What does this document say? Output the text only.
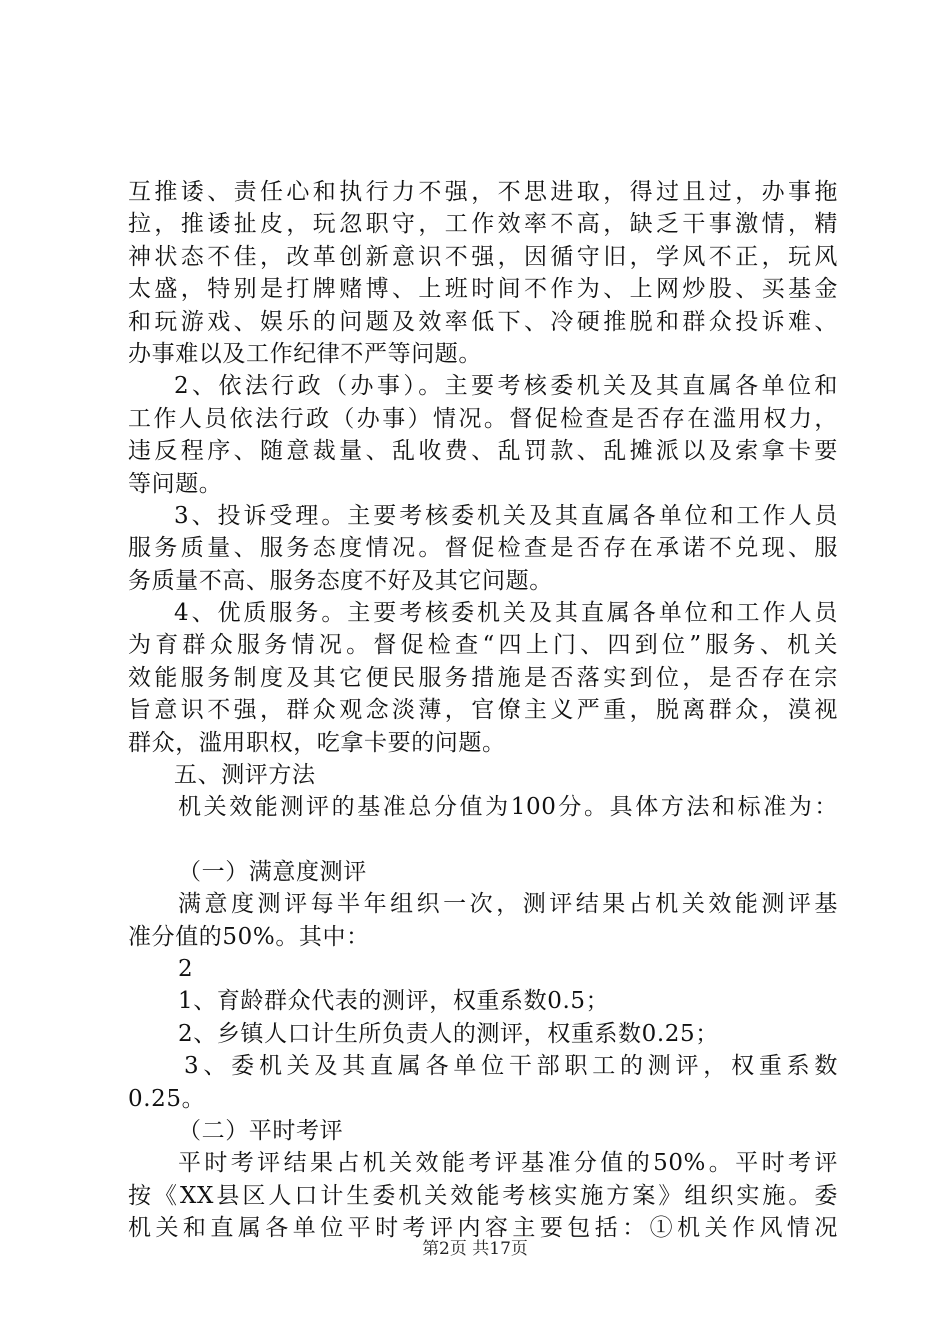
互推诿、责任心和执行力不强，不思进取，得过且过，办事拖
拉，推诿扯皮，玩忽职守，工作效率不高，缺乏干事激情，精
神状态不佳，改革创新意识不强，因循守旧，学风不正，玩风
太盛，特别是打牌赌博、上班时间不作为、上网炒股、买基金
和玩游戏、娱乐的问题及效率低下、冷硬推脱和群众投诉难、
办事难以及工作纪律不严等问题。
2、依法行政（办事）。主要考核委机关及其直属各单位和
工作人员依法行政（办事）情况。督促检查是否存在滥用权力，
违反程序、随意裁量、乱收费、乱罚款、乱摊派以及索拿卡要
等问题。
3、投诉受理。主要考核委机关及其直属各单位和工作人员
服务质量、服务态度情况。督促检查是否存在承诺不兑现、服
务质量不高、服务态度不好及其它问题。
4、优质服务。主要考核委机关及其直属各单位和工作人员
为育群众服务情况。督促检查“四上门、四到位”服务、机关
效能服务制度及其它便民服务措施是否落实到位，是否存在宗
旨意识不强，群众观念淡薄，官僚主义严重，脱离群众，漠视
群众，滥用职权，吃拿卡要的问题。
五、测评方法
机关效能测评的基准总分值为100分。具体方法和标准为：
（一）满意度测评
满意度测评每半年组织一次，测评结果占机关效能测评基
准分值的50%。其中：
2
1、育龄群众代表的测评，权重系数0.5；
2、乡镇人口计生所负责人的测评，权重系数0.25；
3、委机关及其直属各单位干部职工的测评，权重系数
0.25。
（二）平时考评
平时考评结果占机关效能考评基准分值的50%。平时考评
按《XX县区人口计生委机关效能考核实施方案》组织实施。委
机关和直属各单位平时考评内容主要包括：①机关作风情况
第2页 共17页
